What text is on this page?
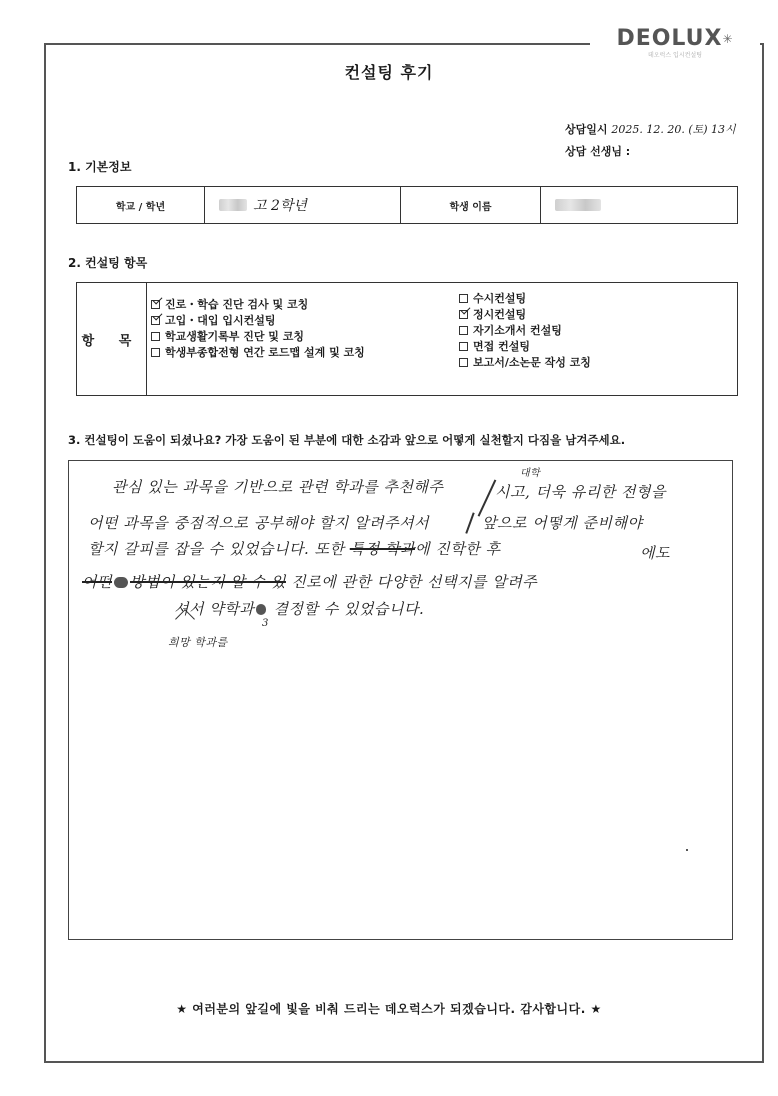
DEOLUX✳
데오럭스 입시컨설팅
컨설팅 후기
상담일시 2025. 12. 20. (토) 13시
상담 선생님 :
1. 기본정보
학교 / 학년	고 2학년	학생 이름
2. 컨설팅 항목
항 목
진로・학습 진단 검사 및 코칭
고입・대입 입시컨설팅
학교생활기록부 진단 및 코칭
학생부종합전형 연간 로드맵 설계 및 코칭
수시컨설팅
정시컨설팅
자기소개서 컨설팅
면접 컨설팅
보고서/소논문 작성 코칭
3. 컨설팅이 도움이 되셨나요? 가장 도움이 된 부분에 대한 소감과 앞으로 어떻게 실천할지 다짐을 남겨주세요.
대학
관심 있는 과목을 기반으로 관련 학과를 추천해주	시고, 더욱 유리한 전형을
어떤 과목을 중점적으로 공부해야 할지 알려주셔서	앞으로 어떻게 준비해야
할지 갈피를 잡을 수 있었습니다. 또한 특정 학과에 진학한 후	에도
어떤 방법이 있는지 알 수 있 진로에 관한 다양한 선택지를 알려주
셔서 약학과 결정할 수 있었습니다.
3
희망 학과를
★ 여러분의 앞길에 빛을 비춰 드리는 데오럭스가 되겠습니다. 감사합니다. ★
